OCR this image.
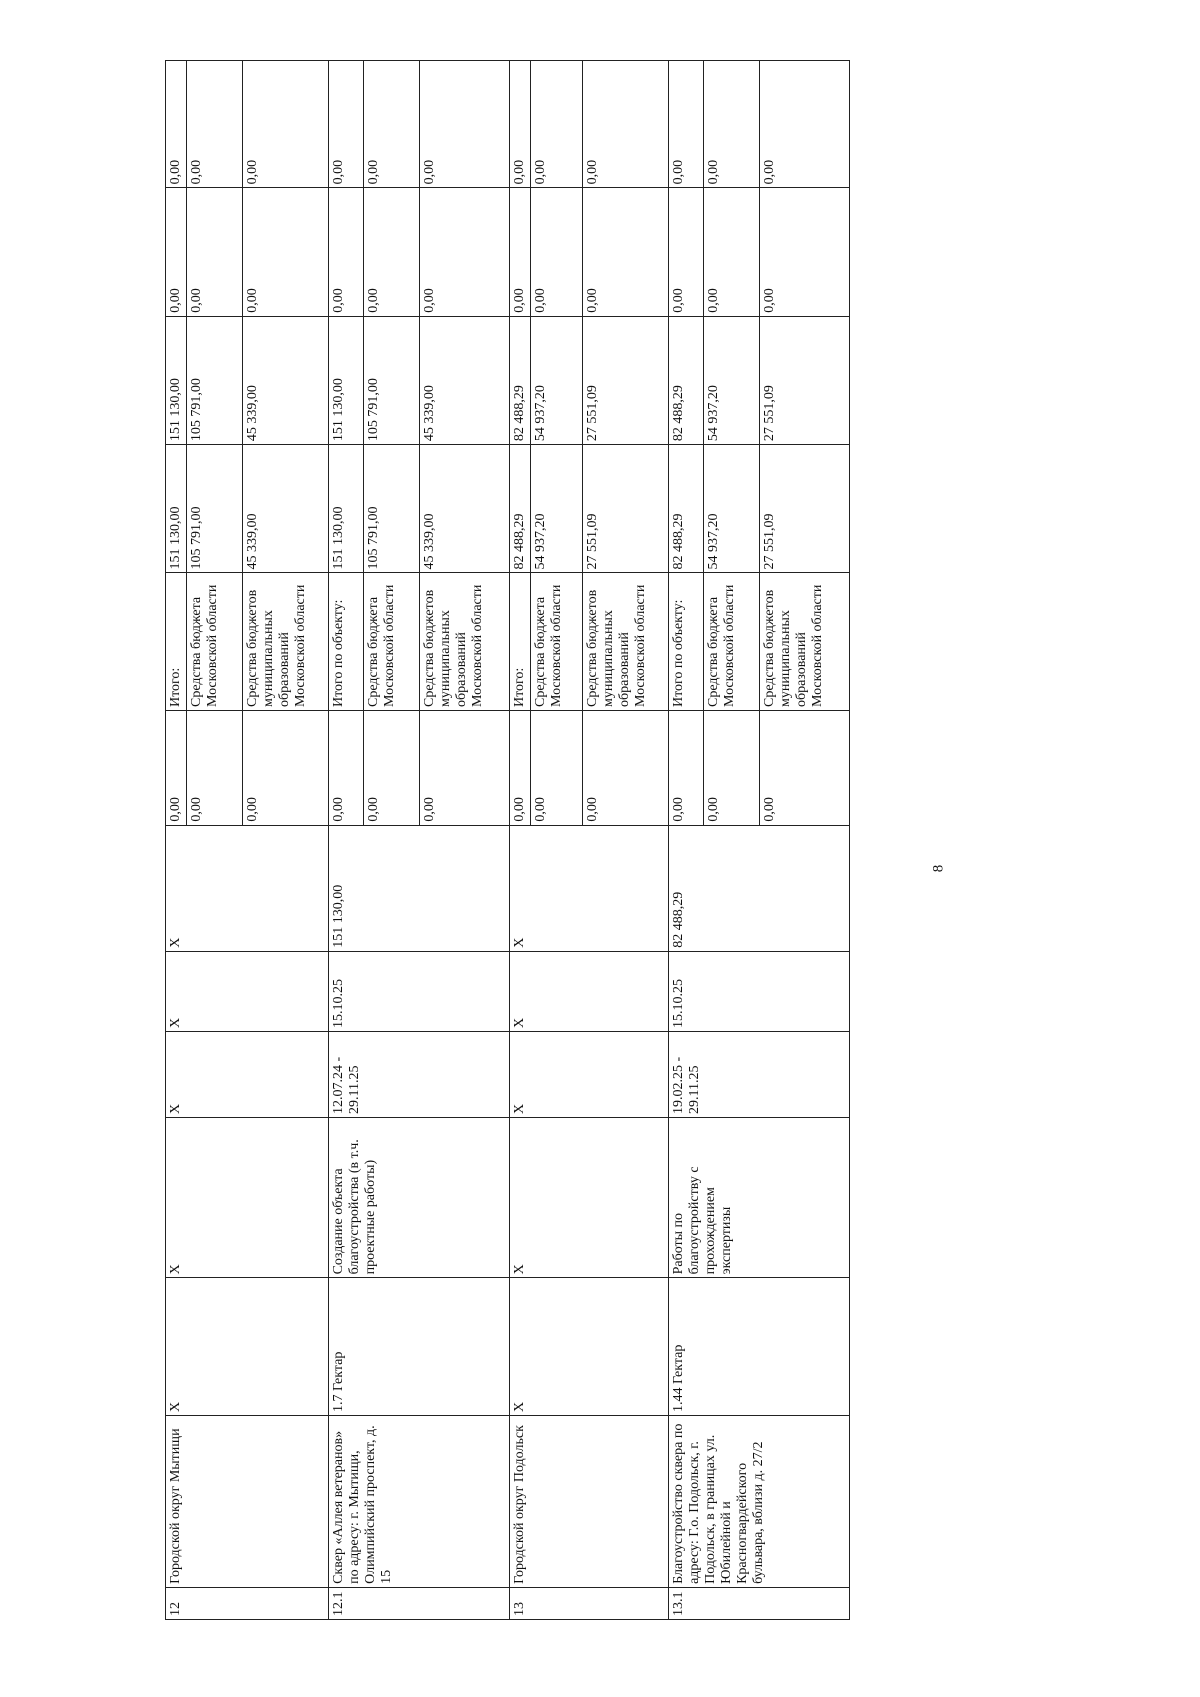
12	Городской округ Мытищи	X	X	X	X	X	0,00	Итого:	151 130,00	151 130,00	0,00	0,00
							0,00	Средства бюджета Московской области	105 791,00	105 791,00	0,00	0,00
							0,00	Средства бюджетов муниципальных образований Московской области	45 339,00	45 339,00	0,00	0,00
12.1	Сквер «Аллея ветеранов» по адресу: г. Мытищи, Олимпийский проспект, д. 15	1.7 Гектар	Создание объекта благоустройства (в т.ч. проектные работы)	12.07.24 - 29.11.25	15.10.25	151 130,00	0,00	Итого по объекту:	151 130,00	151 130,00	0,00	0,00
							0,00	Средства бюджета Московской области	105 791,00	105 791,00	0,00	0,00
							0,00	Средства бюджетов муниципальных образований Московской области	45 339,00	45 339,00	0,00	0,00
13	Городской округ Подольск	X	X	X	X	X	0,00	Итого:	82 488,29	82 488,29	0,00	0,00
							0,00	Средства бюджета Московской области	54 937,20	54 937,20	0,00	0,00
							0,00	Средства бюджетов муниципальных образований Московской области	27 551,09	27 551,09	0,00	0,00
13.1	Благоустройство сквера по адресу: Г.о. Подольск, г. Подольск, в границах ул. Юбилейной и Красногвардейского бульвара, вблизи д. 27/2	1.44 Гектар	Работы по благоустройству с прохождением экспертизы	19.02.25 - 29.11.25	15.10.25	82 488,29	0,00	Итого по объекту:	82 488,29	82 488,29	0,00	0,00
							0,00	Средства бюджета Московской области	54 937,20	54 937,20	0,00	0,00
							0,00	Средства бюджетов муниципальных образований Московской области	27 551,09	27 551,09	0,00	0,00
8
